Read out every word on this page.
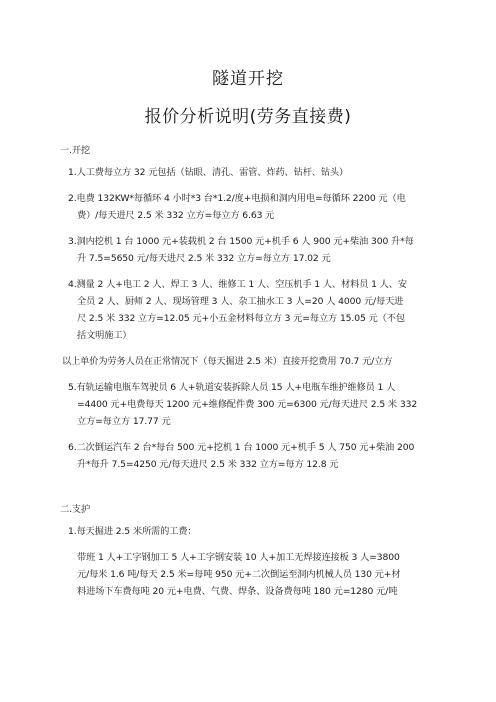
隧道开挖
报价分析说明(劳务直接费)
一.开挖
1.人工费每立方 32 元包括（钻眼、清孔、雷管、炸药、钻杆、钻头）
2.电费 132KW*每循环 4 小时*3 台*1.2/度+电损和洞内用电=每循环 2200 元（电
费）/每天进尺 2.5 米 332 立方=每立方 6.63 元
3.洞内挖机 1 台 1000 元+装载机 2 台 1500 元+机手 6 人 900 元+柴油 300 升*每
升 7.5=5650 元/每天进尺 2.5 米 332 立方=每立方 17.02 元
4.测量 2 人+电工 2 人、焊工 3 人、维修工 1 人、空压机手 1 人、材料员 1 人、安
全员 2 人、厨师 2 人、现场管理 3 人、杂工抽水工 3 人=20 人 4000 元/每天进
尺 2.5 米 332 立方=12.05 元+小五金材料每立方 3 元=每立方 15.05 元（不包
括文明施工）
以上单价为劳务人员在正常情况下（每天掘进 2.5 米）直接开挖费用 70.7 元/立方
5.有轨运输电瓶车驾驶员 6 人+轨道安装拆除人员 15 人+电瓶车维护维修员 1 人
=4400 元+电费每天 1200 元+维修配件费 300 元=6300 元/每天进尺 2.5 米 332
立方=每立方 17.77 元
6.二次倒运汽车 2 台*每台 500 元+挖机 1 台 1000 元+机手 5 人 750 元+柴油 200
升*每升 7.5=4250 元/每天进尺 2.5 米 332 立方=每方 12.8 元
二.支护
1.每天掘进 2.5 米所需的工费：
带班 1 人+工字钢加工 5 人+工字钢安装 10 人+加工无焊接连接板 3 人=3800
元/每米 1.6 吨/每天 2.5 米=每吨 950 元+二次倒运至洞内机械人员 130 元+材
料进场下车费每吨 20 元+电费、气费、焊条、设备费每吨 180 元=1280 元/吨
